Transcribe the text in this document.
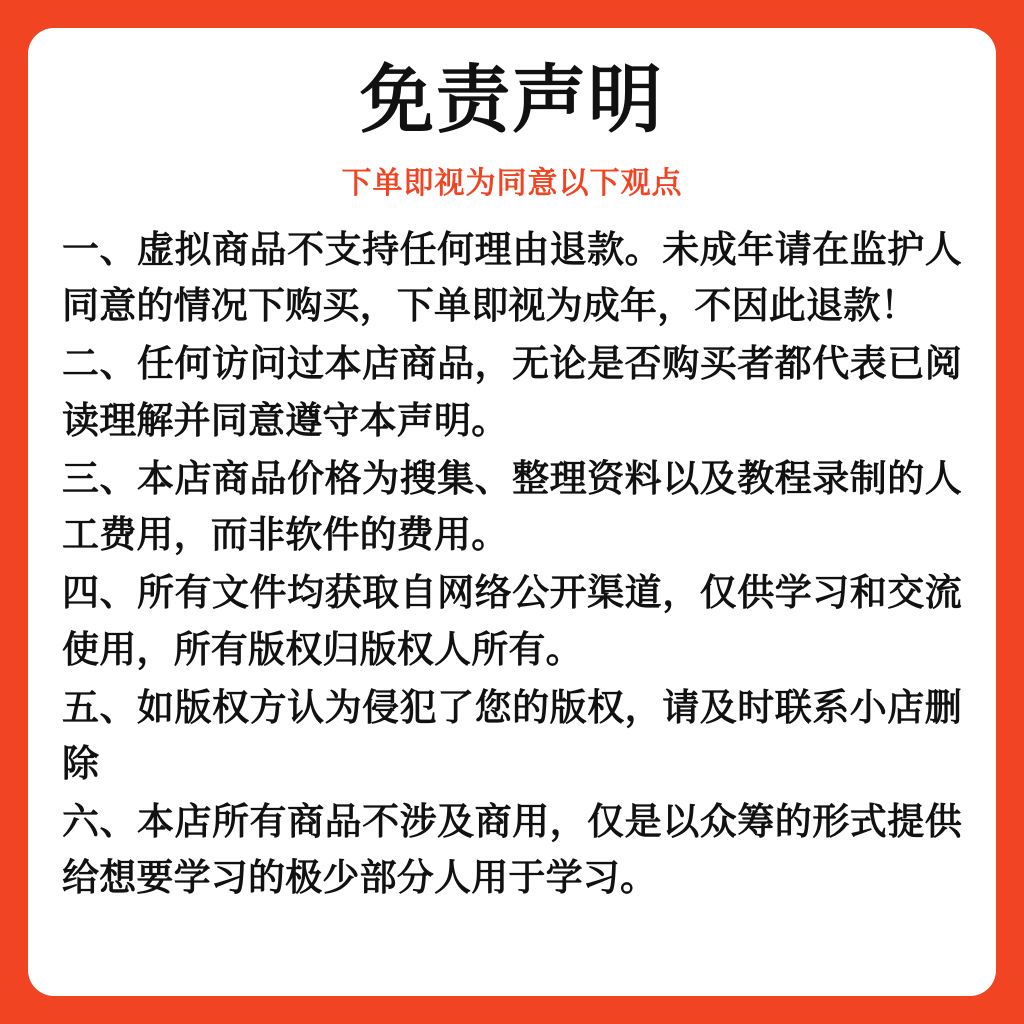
免责声明
下单即视为同意以下观点
一、虚拟商品不支持任何理由退款。未成年请在监护人同意的情况下购买，下单即视为成年，不因此退款！
二、任何访问过本店商品，无论是否购买者都代表已阅读理解并同意遵守本声明。
三、本店商品价格为搜集、整理资料以及教程录制的人工费用，而非软件的费用。
四、所有文件均获取自网络公开渠道，仅供学习和交流使用，所有版权归版权人所有。
五、如版权方认为侵犯了您的版权，请及时联系小店删除
六、本店所有商品不涉及商用，仅是以众筹的形式提供给想要学习的极少部分人用于学习。
